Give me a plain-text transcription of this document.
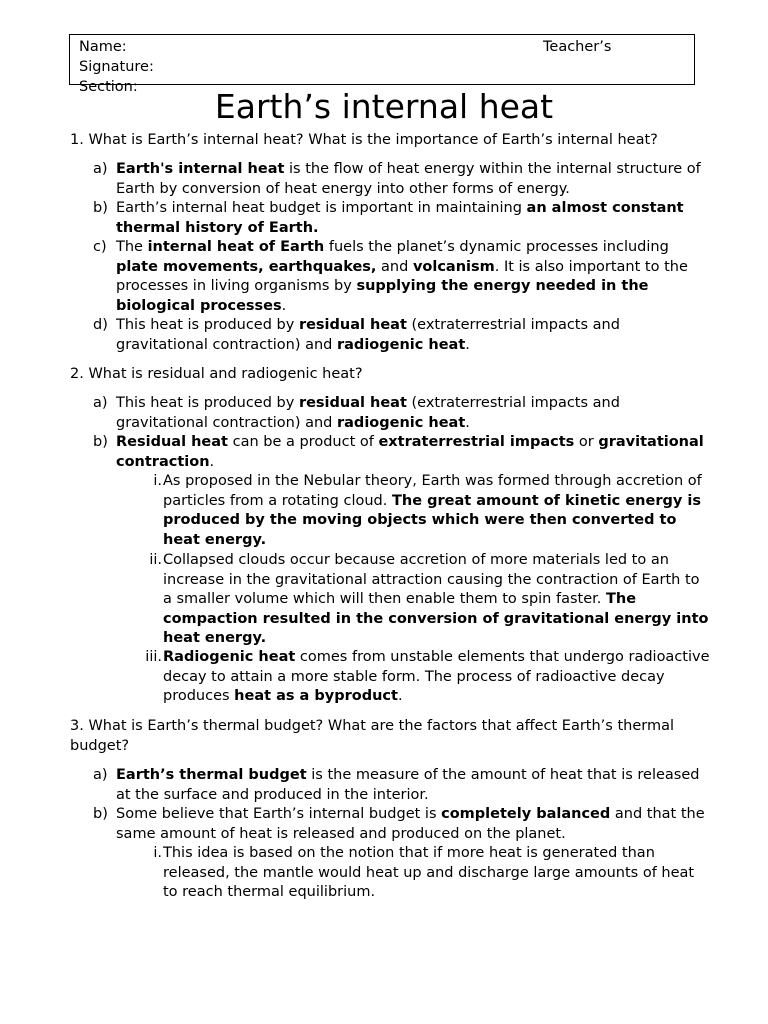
Name:	Teacher’s
Signature:
Section:	Earth’s internal heat

1. What is Earth’s internal heat? What is the importance of Earth’s internal heat?

a) Earth's internal heat is the flow of heat energy within the internal structure of Earth by conversion of heat energy into other forms of energy.
b) Earth’s internal heat budget is important in maintaining an almost constant thermal history of Earth.
c) The internal heat of Earth fuels the planet’s dynamic processes including plate movements, earthquakes, and volcanism. It is also important to the processes in living organisms by supplying the energy needed in the biological processes.
d) This heat is produced by residual heat (extraterrestrial impacts and gravitational contraction) and radiogenic heat.

2. What is residual and radiogenic heat?

a) This heat is produced by residual heat (extraterrestrial impacts and gravitational contraction) and radiogenic heat.
b) Residual heat can be a product of extraterrestrial impacts or gravitational contraction.
i. As proposed in the Nebular theory, Earth was formed through accretion of particles from a rotating cloud. The great amount of kinetic energy is produced by the moving objects which were then converted to heat energy.
ii. Collapsed clouds occur because accretion of more materials led to an increase in the gravitational attraction causing the contraction of Earth to a smaller volume which will then enable them to spin faster. The compaction resulted in the conversion of gravitational energy into heat energy.
iii. Radiogenic heat comes from unstable elements that undergo radioactive decay to attain a more stable form. The process of radioactive decay produces heat as a byproduct.

3. What is Earth’s thermal budget? What are the factors that affect Earth’s thermal budget?

a) Earth’s thermal budget is the measure of the amount of heat that is released at the surface and produced in the interior.
b) Some believe that Earth’s internal budget is completely balanced and that the same amount of heat is released and produced on the planet.
i. This idea is based on the notion that if more heat is generated than released, the mantle would heat up and discharge large amounts of heat to reach thermal equilibrium.
